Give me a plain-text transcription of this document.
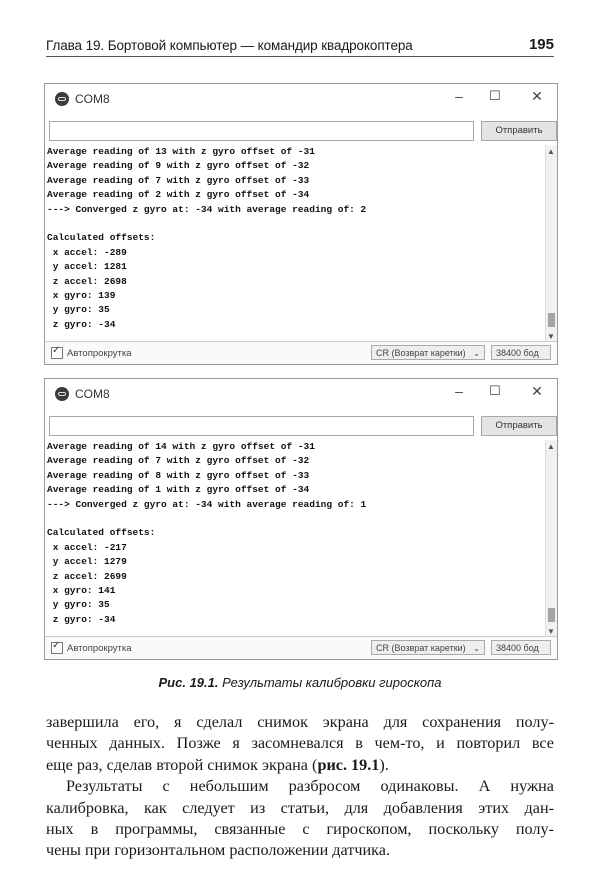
Глава 19. Бортовой компьютер — командир квадрокоптера	195
COM8	–	☐ ✕
Отправить
Average reading of 13 with z gyro offset of -31
Average reading of 9 with z gyro offset of -32
Average reading of 7 with z gyro offset of -33
Average reading of 2 with z gyro offset of -34
---> Converged z gyro at: -34 with average reading of: 2
Calculated offsets:
x accel: -289
y accel: 1281
z accel: 2698
x gyro: 139
y gyro: 35
z gyro: -34
▲
▼
✓
Автопрокрутка	CR (Возврат каретки) ⌄	38400 бод
COM8	–	☐ ✕
Отправить
Average reading of 14 with z gyro offset of -31
Average reading of 7 with z gyro offset of -32
Average reading of 8 with z gyro offset of -33
Average reading of 1 with z gyro offset of -34
---> Converged z gyro at: -34 with average reading of: 1
Calculated offsets:
x accel: -217
y accel: 1279
z accel: 2699
x gyro: 141
y gyro: 35
z gyro: -34
▲
▼
✓
Автопрокрутка	CR (Возврат каретки) ⌄	38400 бод
Рис. 19.1. Результаты калибровки гироскопа

завершила его, я сделал снимок экрана для сохранения полу-
ченных данных. Позже я засомневался в чем-то, и повторил все
еще раз, сделав второй снимок экрана (рис. 19.1).

Результаты с небольшим разбросом одинаковы. А нужна
калибровка, как следует из статьи, для добавления этих дан-
ных в программы, связанные с гироскопом, поскольку полу-
чены при горизонтальном расположении датчика.
